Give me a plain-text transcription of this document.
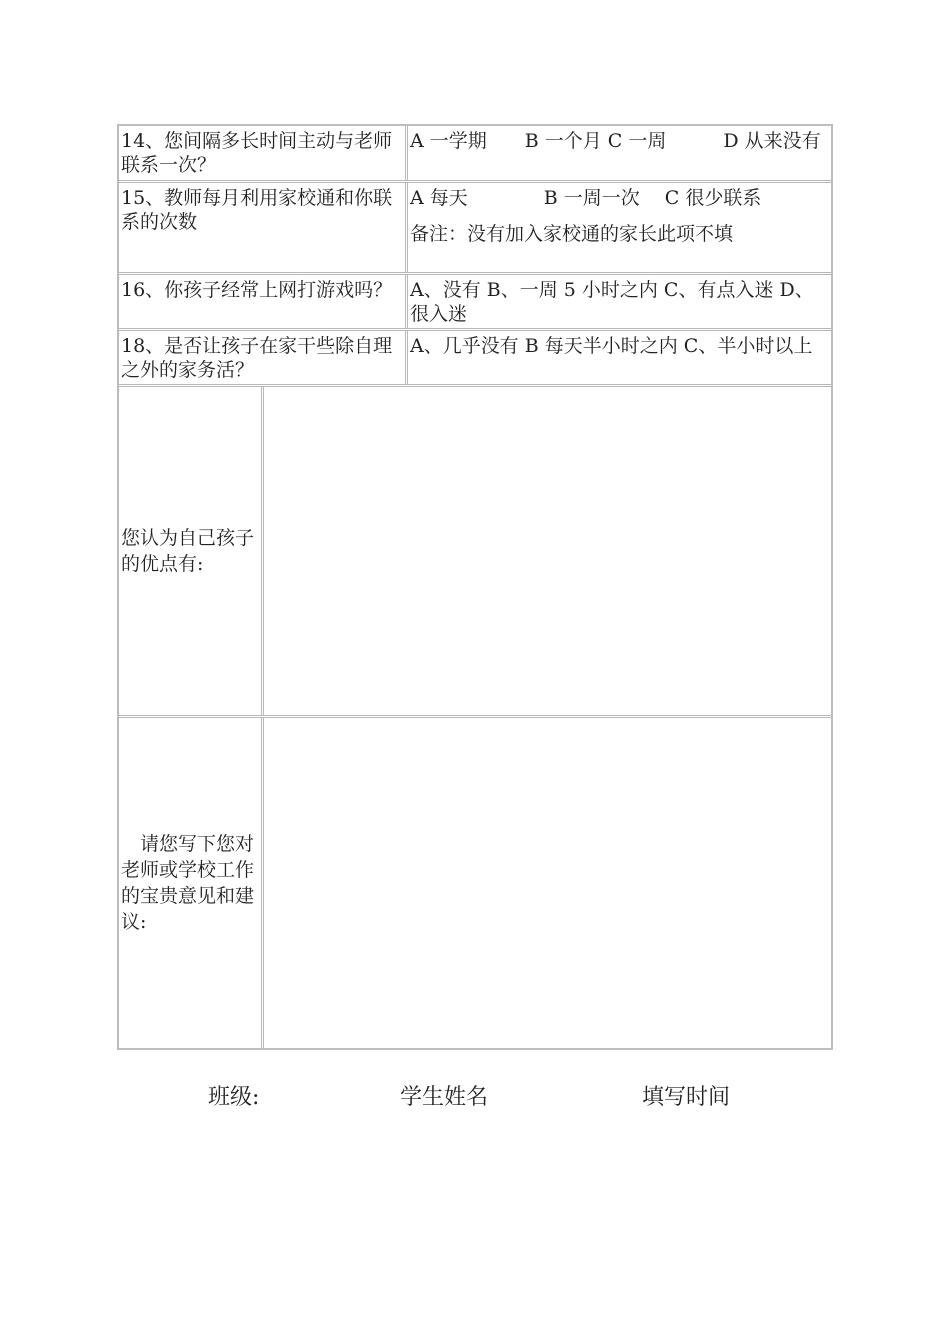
14、您间隔多长时间主动与老师联系一次？
A 一学期　　B 一个月 C 一周　　　D 从来没有
15、教师每月利用家校通和你联系的次数
A 每天　　　　B 一周一次　 C 很少联系
备注：没有加入家校通的家长此项不填
16、你孩子经常上网打游戏吗？ A、没有 B、一周 5 小时之内 C、有点入迷 D、很入迷
18、是否让孩子在家干些除自理之外的家务活？
A、几乎没有 B 每天半小时之内 C、半小时以上
您认为自己孩子的优点有:
　请您写下您对老师或学校工作的宝贵意见和建议:
班级:	学生姓名	填写时间
